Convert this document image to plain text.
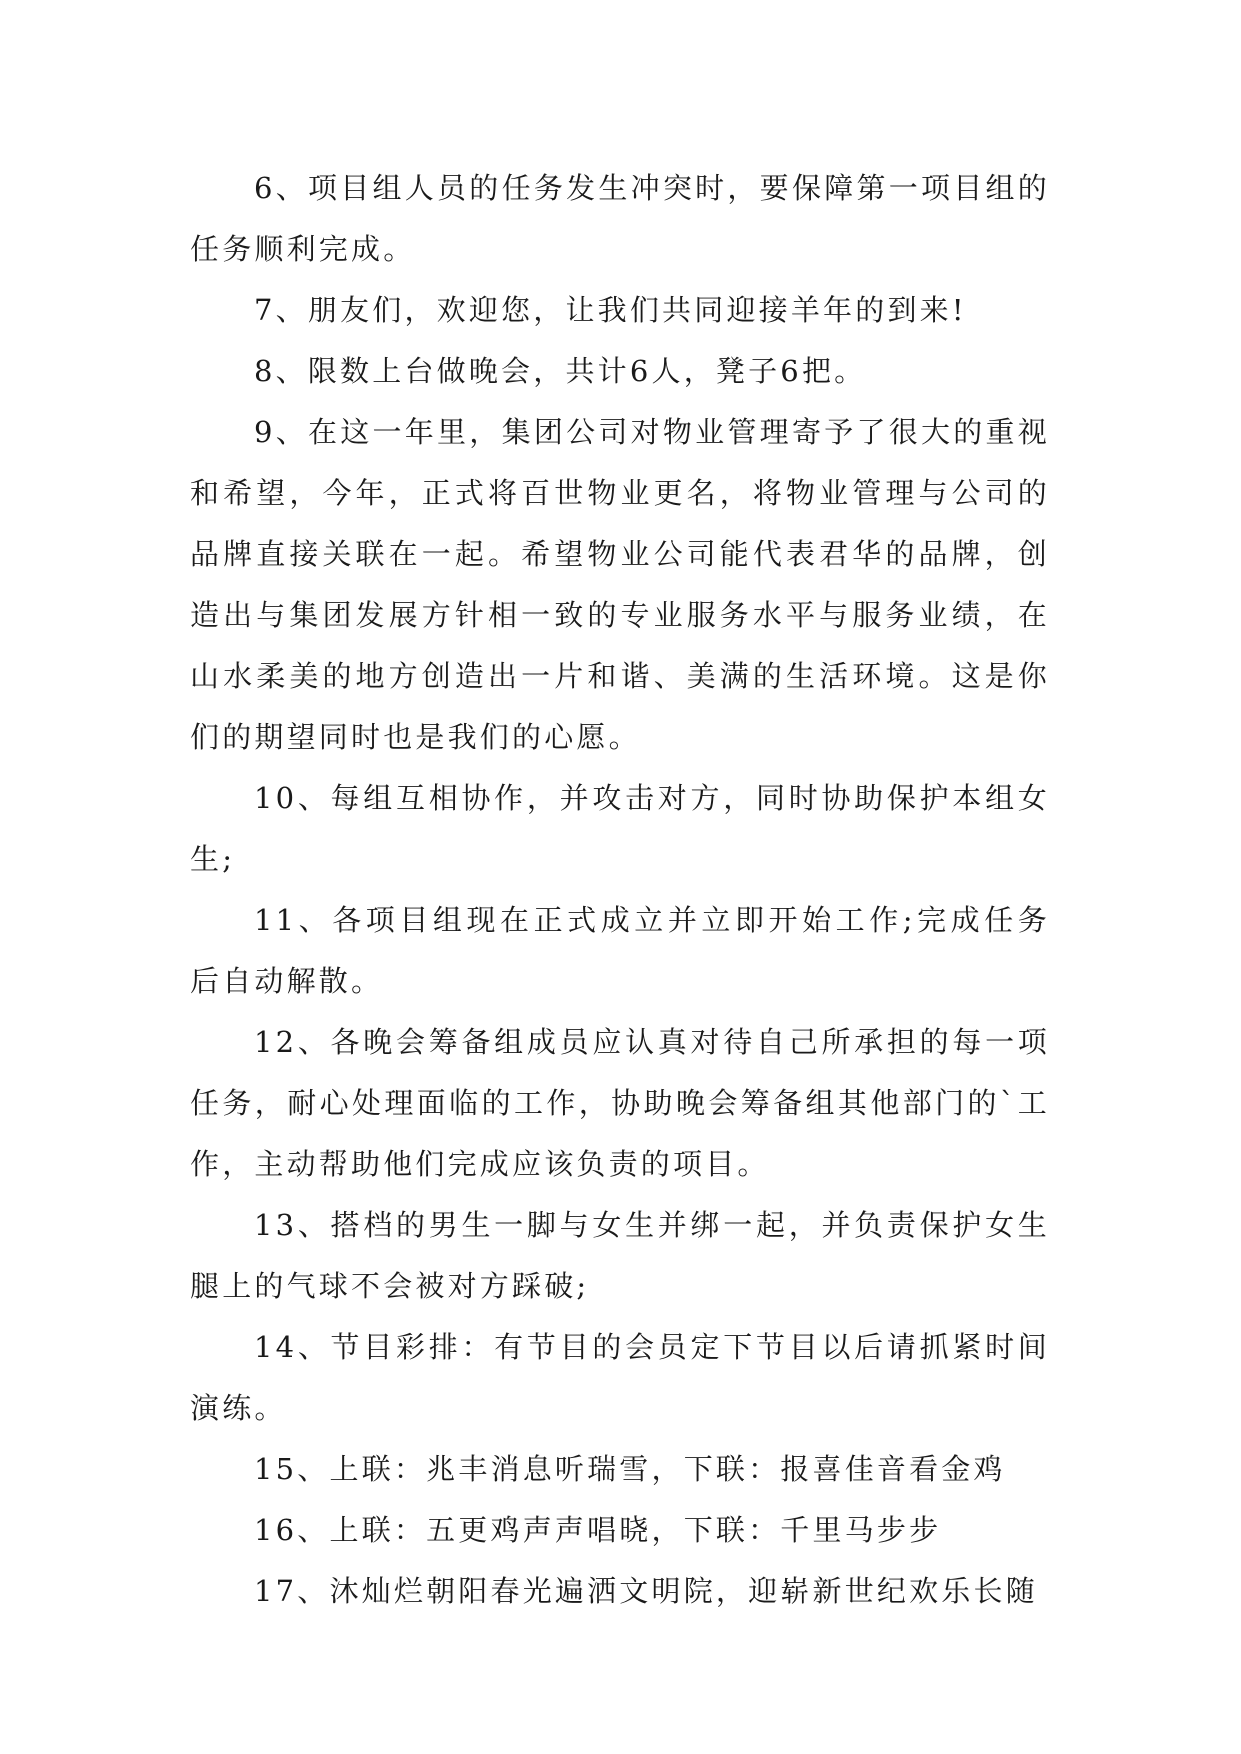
6、项目组人员的任务发生冲突时，要保障第一项目组的任务顺利完成。

7、朋友们，欢迎您，让我们共同迎接羊年的到来!

8、限数上台做晚会，共计6人，凳子6把。

9、在这一年里，集团公司对物业管理寄予了很大的重视和希望，今年，正式将百世物业更名，将物业管理与公司的品牌直接关联在一起。希望物业公司能代表君华的品牌，创造出与集团发展方针相一致的专业服务水平与服务业绩，在山水柔美的地方创造出一片和谐、美满的生活环境。这是你们的期望同时也是我们的心愿。

10、每组互相协作，并攻击对方，同时协助保护本组女生;

11、各项目组现在正式成立并立即开始工作;完成任务后自动解散。

12、各晚会筹备组成员应认真对待自己所承担的每一项任务，耐心处理面临的工作，协助晚会筹备组其他部门的`工作，主动帮助他们完成应该负责的项目。

13、搭档的男生一脚与女生并绑一起，并负责保护女生腿上的气球不会被对方踩破;

14、节目彩排：有节目的会员定下节目以后请抓紧时间演练。

15、上联：兆丰消息听瑞雪，下联：报喜佳音看金鸡

16、上联：五更鸡声声唱晓，下联：千里马步步

17、沐灿烂朝阳春光遍洒文明院，迎崭新世纪欢乐长随
